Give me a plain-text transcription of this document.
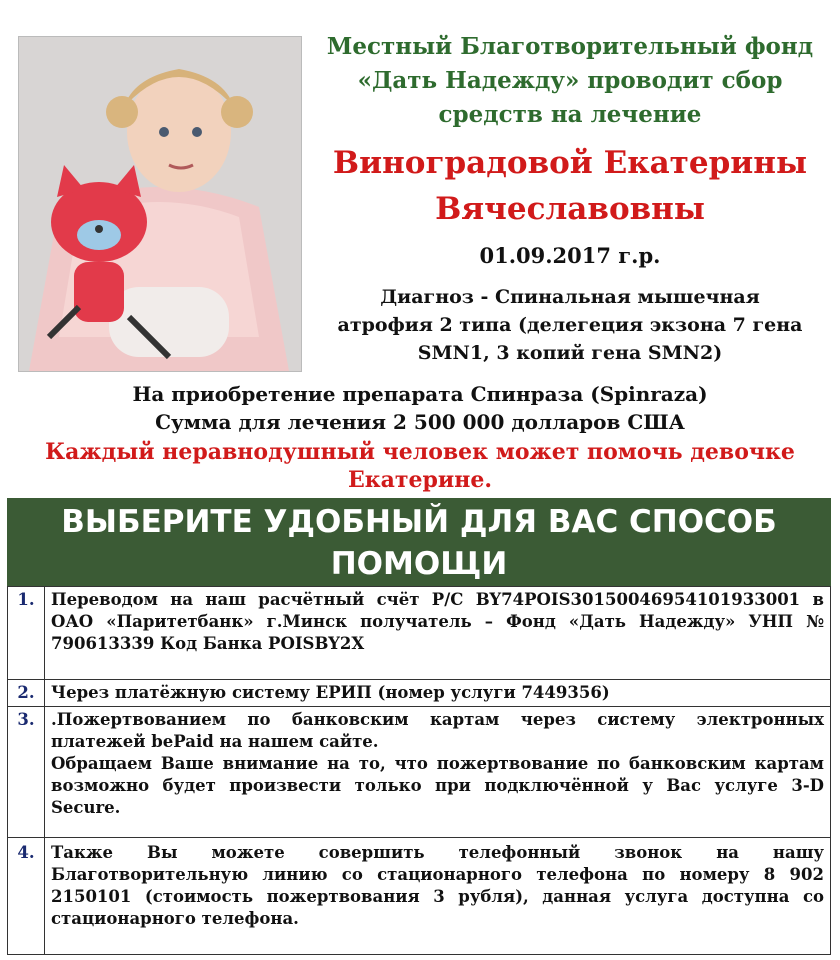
Местный Благотворительный фонд
«Дать Надежду» проводит сбор
средств на лечение
Виноградовой Екатерины
Вячеславовны
01.09.2017 г.р.
Диагноз - Спинальная мышечная
атрофия 2 типа (делегеция экзона 7 гена
SMN1, 3 копий гена SMN2)
На приобретение препарата Спинраза (Spinraza)
Сумма для лечения 2 500 000 долларов США
Каждый неравнодушный человек может помочь девочке
Екатерине.
ВЫБЕРИТЕ УДОБНЫЙ ДЛЯ ВАС СПОСОБ
ПОМОЩИ
1.	Переводом на наш расчётный счёт Р/С BY74POIS30150046954101933001 в ОАО «Паритетбанк» г.Минск получатель – Фонд «Дать Надежду» УНП № 790613339 Код Банка POISBY2X
2.	Через платёжную систему ЕРИП (номер услуги 7449356)
3.	.Пожертвованием по банковским картам через систему электронных платежей bePaid на нашем сайте.
Обращаем Ваше внимание на то, что пожертвование по банковским картам возможно будет произвести только при подключённой у Вас услуге 3-D Secure.

4.	Также Вы можете совершить телефонный звонок на нашу Благотворительную линию со стационарного телефона по номеру 8 902 2150101 (стоимость пожертвования 3 рубля), данная услуга доступна со стационарного телефона.
